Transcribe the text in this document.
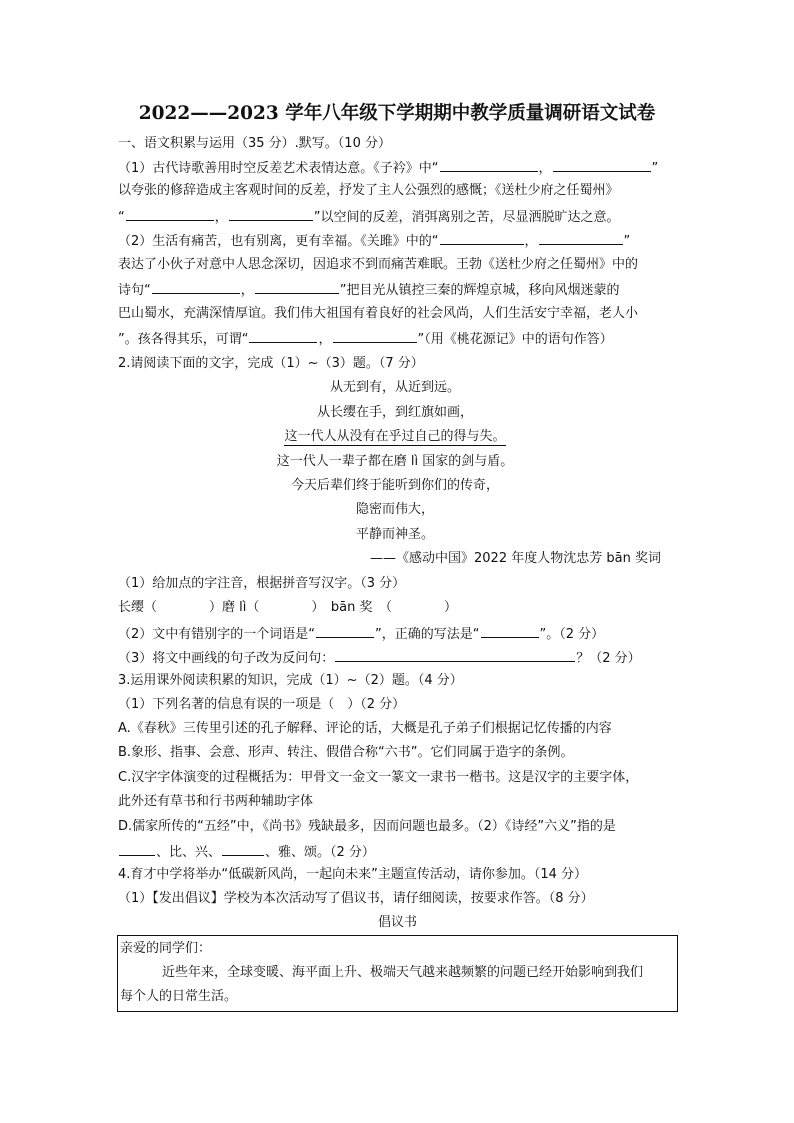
2022——2023 学年八年级下学期期中教学质量调研语文试卷
一、语文积累与运用（35 分）.默写。（10 分）
（1）古代诗歌善用时空反差艺术表情达意。《子衿》中“	，	”
以夸张的修辞造成主客观时间的反差，抒发了主人公强烈的感慨；《送杜少府之任蜀州》
“	，	”以空间的反差，消弭离别之苦，尽显洒脱旷达之意。
（2）生活有痛苦，也有别离，更有幸福。《关雎》中的“	，	”
表达了小伙子对意中人思念深切，因追求不到而痛苦难眠。王勃《送杜少府之任蜀州》中的
诗句“	，	”把目光从镇控三秦的辉煌京城，移向风烟迷蒙的
巴山蜀水，充满深情厚谊。我们伟大祖国有着良好的社会风尚，人们生活安宁幸福，老人小
”。孩各得其乐，可谓“	，	”（用《桃花源记》中的语句作答）
2.请阅读下面的文字，完成（1）~（3）题。（7 分）
从无到有，从近到远。
从长缨在手，到红旗如画，
这一代人从没有在乎过自己的得与失。
这一代人一辈子都在磨 lì 国家的剑与盾。
今天后辈们终于能听到你们的传奇，
隐密而伟大，
平静而神圣。
——《感动中国》2022 年度人物沈忠芳 bān 奖词
（1）给加点的字注音，根据拼音写汉字。（3 分）
长缨（　　　　）磨 lì（　　　　）　bān 奖　（　　　　）
（2）文中有错别字的一个词语是“	”，正确的写法是“	”。（2 分）
（3）将文中画线的句子改为反问句：	？（2 分）
3.运用课外阅读积累的知识，完成（1）~（2）题。（4 分）
（1）下列名著的信息有误的一项是（　）（2 分）
A.《春秋》三传里引述的孔子解释、评论的话，大概是孔子弟子们根据记忆传播的内容
B.象形、指事、会意、形声、转注、假借合称“六书”。它们同属于造字的条例。
C.汉字字体演变的过程概括为：甲骨文一金文一篆文一隶书一楷书。这是汉字的主要字体，
此外还有草书和行书两种辅助字体
D.儒家所传的“五经”中，《尚书》残缺最多，因而问题也最多。（2）《诗经”六义”指的是
、比、兴、	、雅、颂。（2 分）
4.育才中学将举办“低碳新风尚，一起向未来”主题宣传活动，请你参加。（14 分）
（1）【发出倡议】学校为本次活动写了倡议书，请仔细阅读，按要求作答。（8 分）
倡议书
亲爱的同学们：
近些年来，全球变暖、海平面上升、极端天气越来越频繁的问题已经开始影响到我们
每个人的日常生活。
